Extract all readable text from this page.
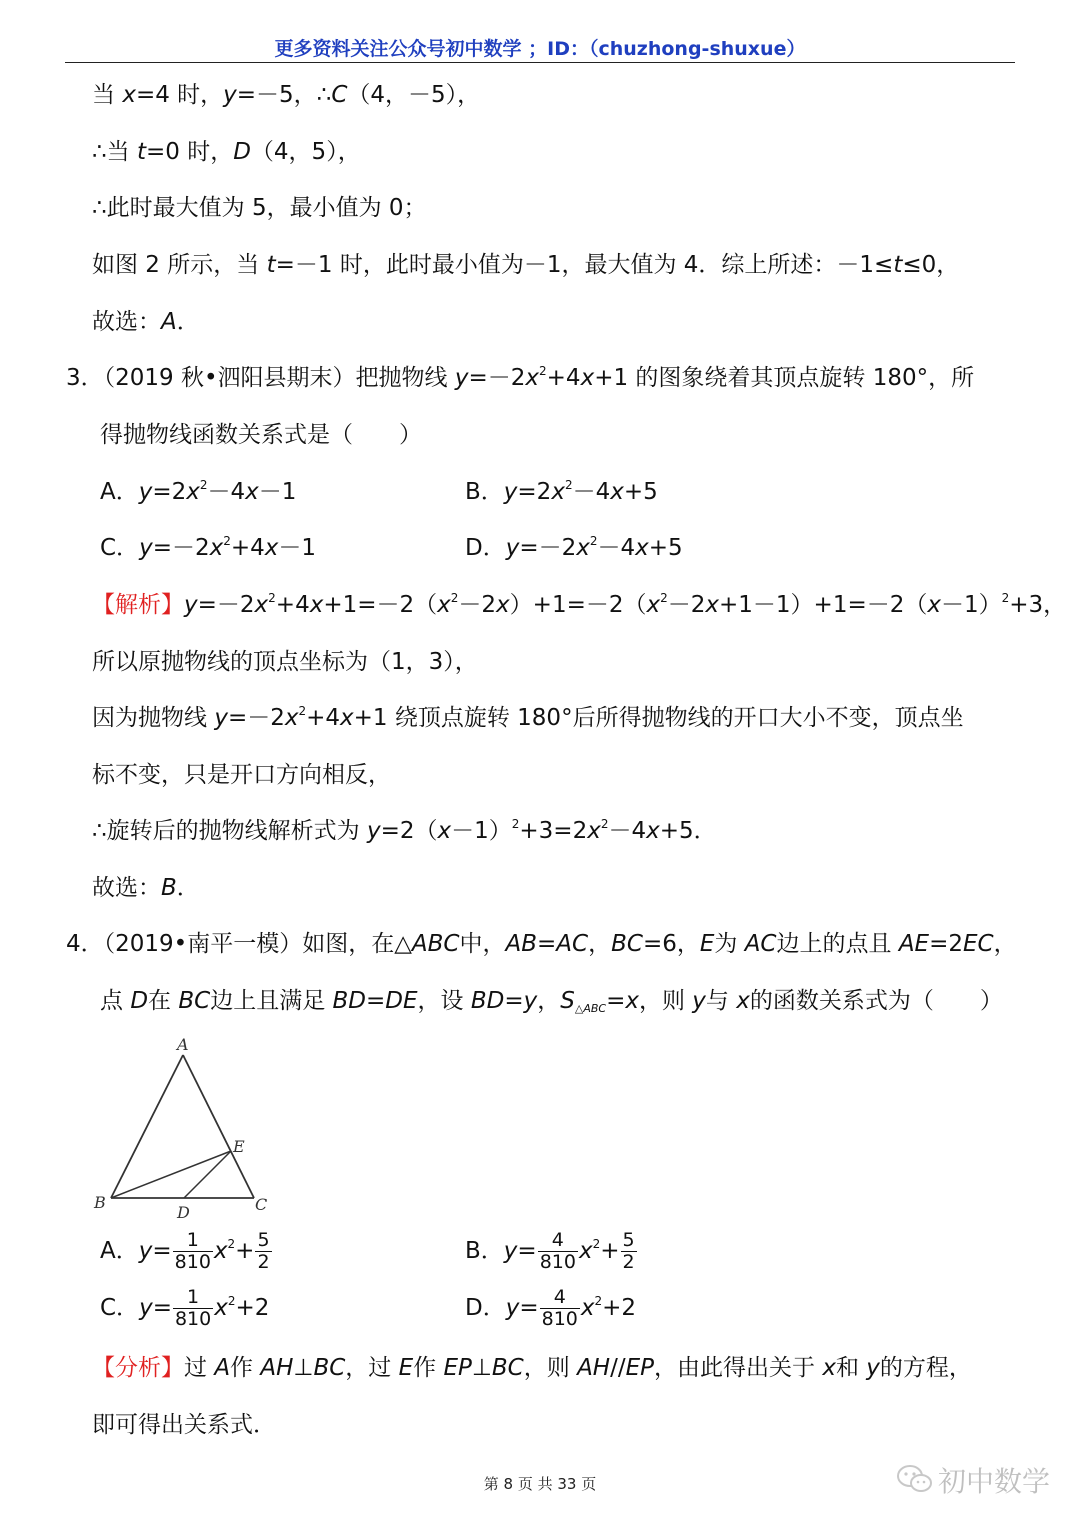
更多资料关注公众号初中数学 ；ID：（chuzhong-shuxue）
当 x=4 时，y=－5，∴C（4，－5），
∴当 t=0 时，D（4，5），
∴此时最大值为 5，最小值为 0；
如图 2 所示，当 t=－1 时，此时最小值为－1，最大值为 4．综上所述：－1≤t≤0，
故选：A．
3．（2019 秋•泗阳县期末）把抛物线 $y=-2x^2+4x+1$ 的图象绕着其顶点旋转 180°，所
得抛物线函数关系式是（　　）
A．$y=2x^2-4x-1$	B．$y=2x^2-4x+5$
C．$y=-2x^2+4x-1$	D．$y=-2x^2-4x+5$
【解析】$y=-2x^2+4x+1=-2(x^2-2x)+1=-2(x^2-2x+1-1)+1=-2(x-1)^2+3$，
所以原抛物线的顶点坐标为（1，3），
因为抛物线 $y=-2x^2+4x+1$ 绕顶点旋转 180°后所得抛物线的开口大小不变，顶点坐
标不变，只是开口方向相反，
∴旋转后的抛物线解析式为 $y=2(x-1)^2+3=2x^2-4x+5$．
故选：B．
4．（2019•南平一模）如图，在△ABC中，AB=AC，BC=6，E为 AC边上的点且 AE=2EC，
点 D在 BC边上且满足 BD=DE，设 BD=y，$S_{\triangle ABC}=x$，则 y与 x的函数关系式为（　　）
A
B	C
D
E
A．$y= \frac{1}{810} x^2+ \frac{5}{2}$	B．$y= \frac{4}{810} x^2+ \frac{5}{2}$
C．$y= \frac{1}{810} x^2+2$	D．$y= \frac{4}{810} x^2+2$
【分析】过 A作 AH⊥BC，过 E作 EP⊥BC，则 AH//EP，由此得出关于 x和 y的方程，
即可得出关系式．
第 8 页 共 33 页	初中数学
